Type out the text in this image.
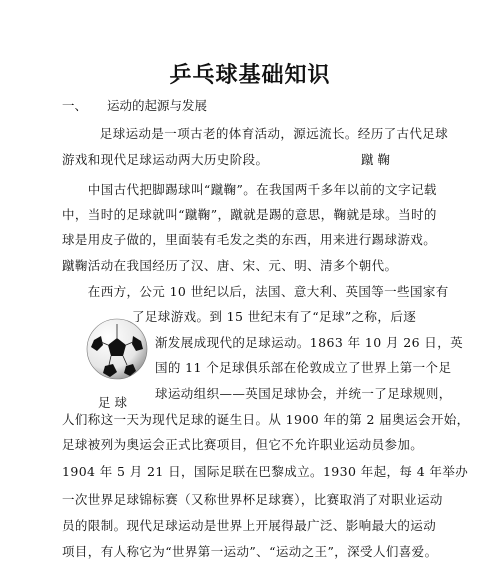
乒乓球基础知识
一、 运动的起源与发展
　　足球运动是一项古老的体育活动，源远流长。经历了古代足球
游戏和现代足球运动两大历史阶段。	蹴 鞠
　　中国古代把脚踢球叫“蹴鞠”。在我国两千多年以前的文字记载
中，当时的足球就叫“蹴鞠”，蹴就是踢的意思，鞠就是球。当时的
球是用皮子做的，里面装有毛发之类的东西，用来进行踢球游戏。
蹴鞠活动在我国经历了汉、唐、宋、元、明、清多个朝代。
　　在西方，公元 10 世纪以后，法国、意大利、英国等一些国家有
了足球游戏。到 15 世纪末有了“足球”之称，后逐
渐发展成现代的足球运动。1863 年 10 月 26 日，英
国的 11 个足球俱乐部在伦敦成立了世界上第一个足
球运动组织——英国足球协会，并统一了足球规则，
足 球
人们称这一天为现代足球的诞生日。从 1900 年的第 2 届奥运会开始，
足球被列为奥运会正式比赛项目，但它不允许职业运动员参加。
1904 年 5 月 21 日，国际足联在巴黎成立。1930 年起，每 4 年举办
一次世界足球锦标赛（又称世界杯足球赛），比赛取消了对职业运动
员的限制。现代足球运动是世界上开展得最广泛、影响最大的运动
项目，有人称它为“世界第一运动”、“运动之王”，深受人们喜爱。
